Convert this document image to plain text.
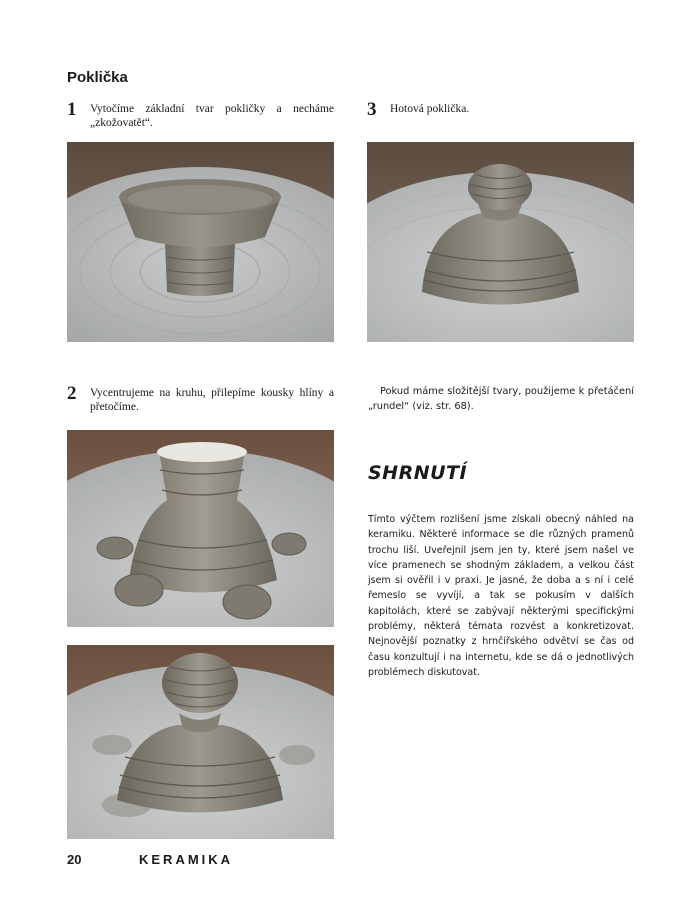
Poklička
1 Vytočíme základní tvar pokličky a necháme „zkožovatět“.
3 Hotová poklička.
2 Vycentrujeme na kruhu, přilepíme kousky hlíny a přetočíme.
Pokud máme složitější tvary, použijeme k přetáčení „rundel“ (viz. str. 68).
SHRNUTÍ
Tímto výčtem rozlišení jsme získali obecný náhled na keramiku. Některé informace se dle různých pramenů trochu liší. Uveřejnil jsem jen ty, které jsem našel ve více pramenech se shodným základem, a velkou část jsem si ověřil i v praxi. Je jasné, že doba a s ní i celé řemeslo se vyvíjí, a tak se pokusím v dalších kapitolách, které se zabývají některými specifickými problémy, některá témata rozvést a konkretizovat. Nejnovější poznatky z hrnčířského odvětví se čas od času konzultují i na internetu, kde se dá o jednotlivých problémech diskutovat.
20	KERAMIKA
